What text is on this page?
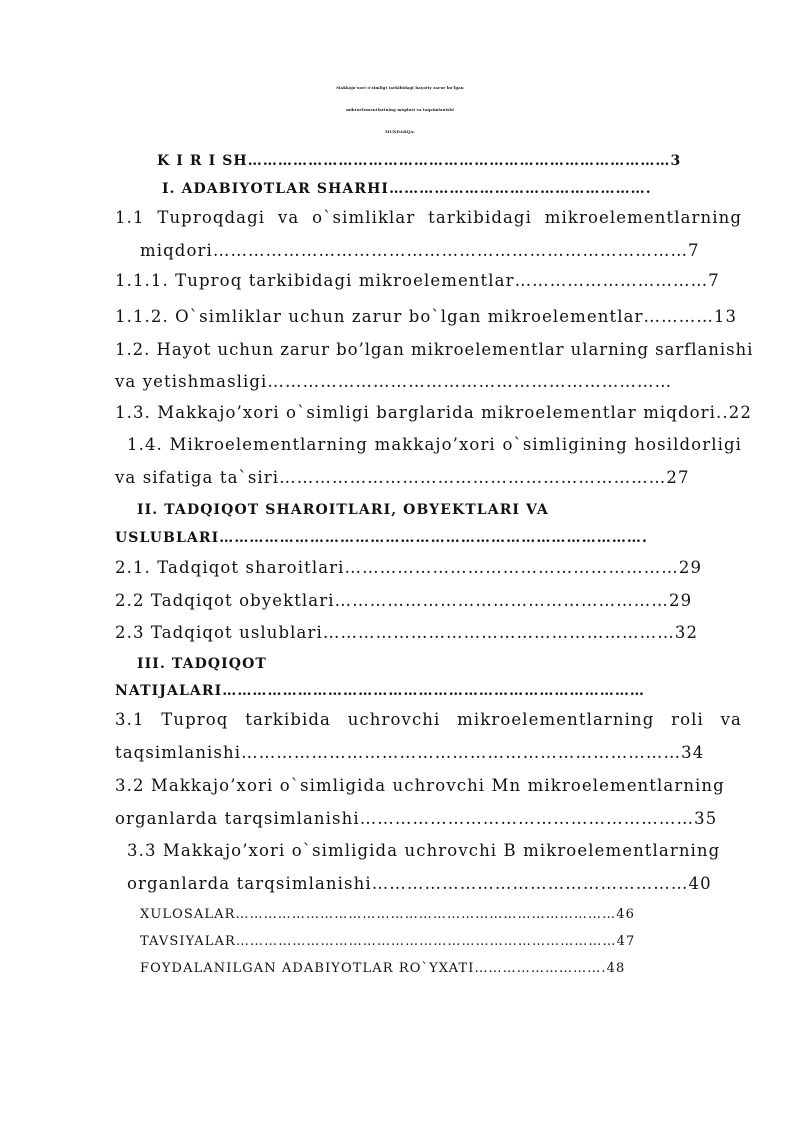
Makkajo’xori o’simligi tarkibidagi hayotiy zarur bo’lgan
mikroelementlarining miqdori va taqsimlanishi
MUNDARIJA:
K I R I SH…………………………………………………………………………3
I. ADABIYOTLAR SHARHI…………………………………………….
1.1 Tuproqdagi va o`simliklar tarkibidagi mikroelementlarning
miqdori………………………………………………………………………7
1.1.1. Tuproq tarkibidagi mikroelementlar……………………………7
1.1.2. O`simliklar uchun zarur bo`lgan mikroelementlar…………13
1.2. Hayot uchun zarur bo’lgan mikroelementlar ularning sarflanishi
va yetishmasligi……………………………………………………………
1.3. Makkajo’xori o`simligi barglarida mikroelementlar miqdori..22
1.4. Mikroelementlarning makkajo’xori o`simligining hosildorligi
va sifatiga ta`siri…………………………………………………………27
II. TADQIQOT SHAROITLARI, OBYEKTLARI VA
USLUBLARI………………………………………………………………………….
2.1. Tadqiqot sharoitlari…………………………………………………29
2.2 Tadqiqot obyektlari…………………………………………………29
2.3 Tadqiqot uslublari……………………………………………………32
III. TADQIQOT
NATIJALARI…………………………………………………………………………
3.1 Tuproq tarkibida uchrovchi mikroelementlarning roli va
taqsimlanishi…………………………………………………………………34
3.2 Makkajo’xori o`simligida uchrovchi Mn mikroelementlarning
organlarda tarqsimlanishi…………………………………………………35
3.3 Makkajo’xori o`simligida uchrovchi B mikroelementlarning
organlarda tarqsimlanishi………………………………………………40
XULOSALAR………………………………………………………………………46
TAVSIYALAR………………………………………………………………………47
FOYDALANILGAN ADABIYOTLAR RO`YXATI……………………….48
